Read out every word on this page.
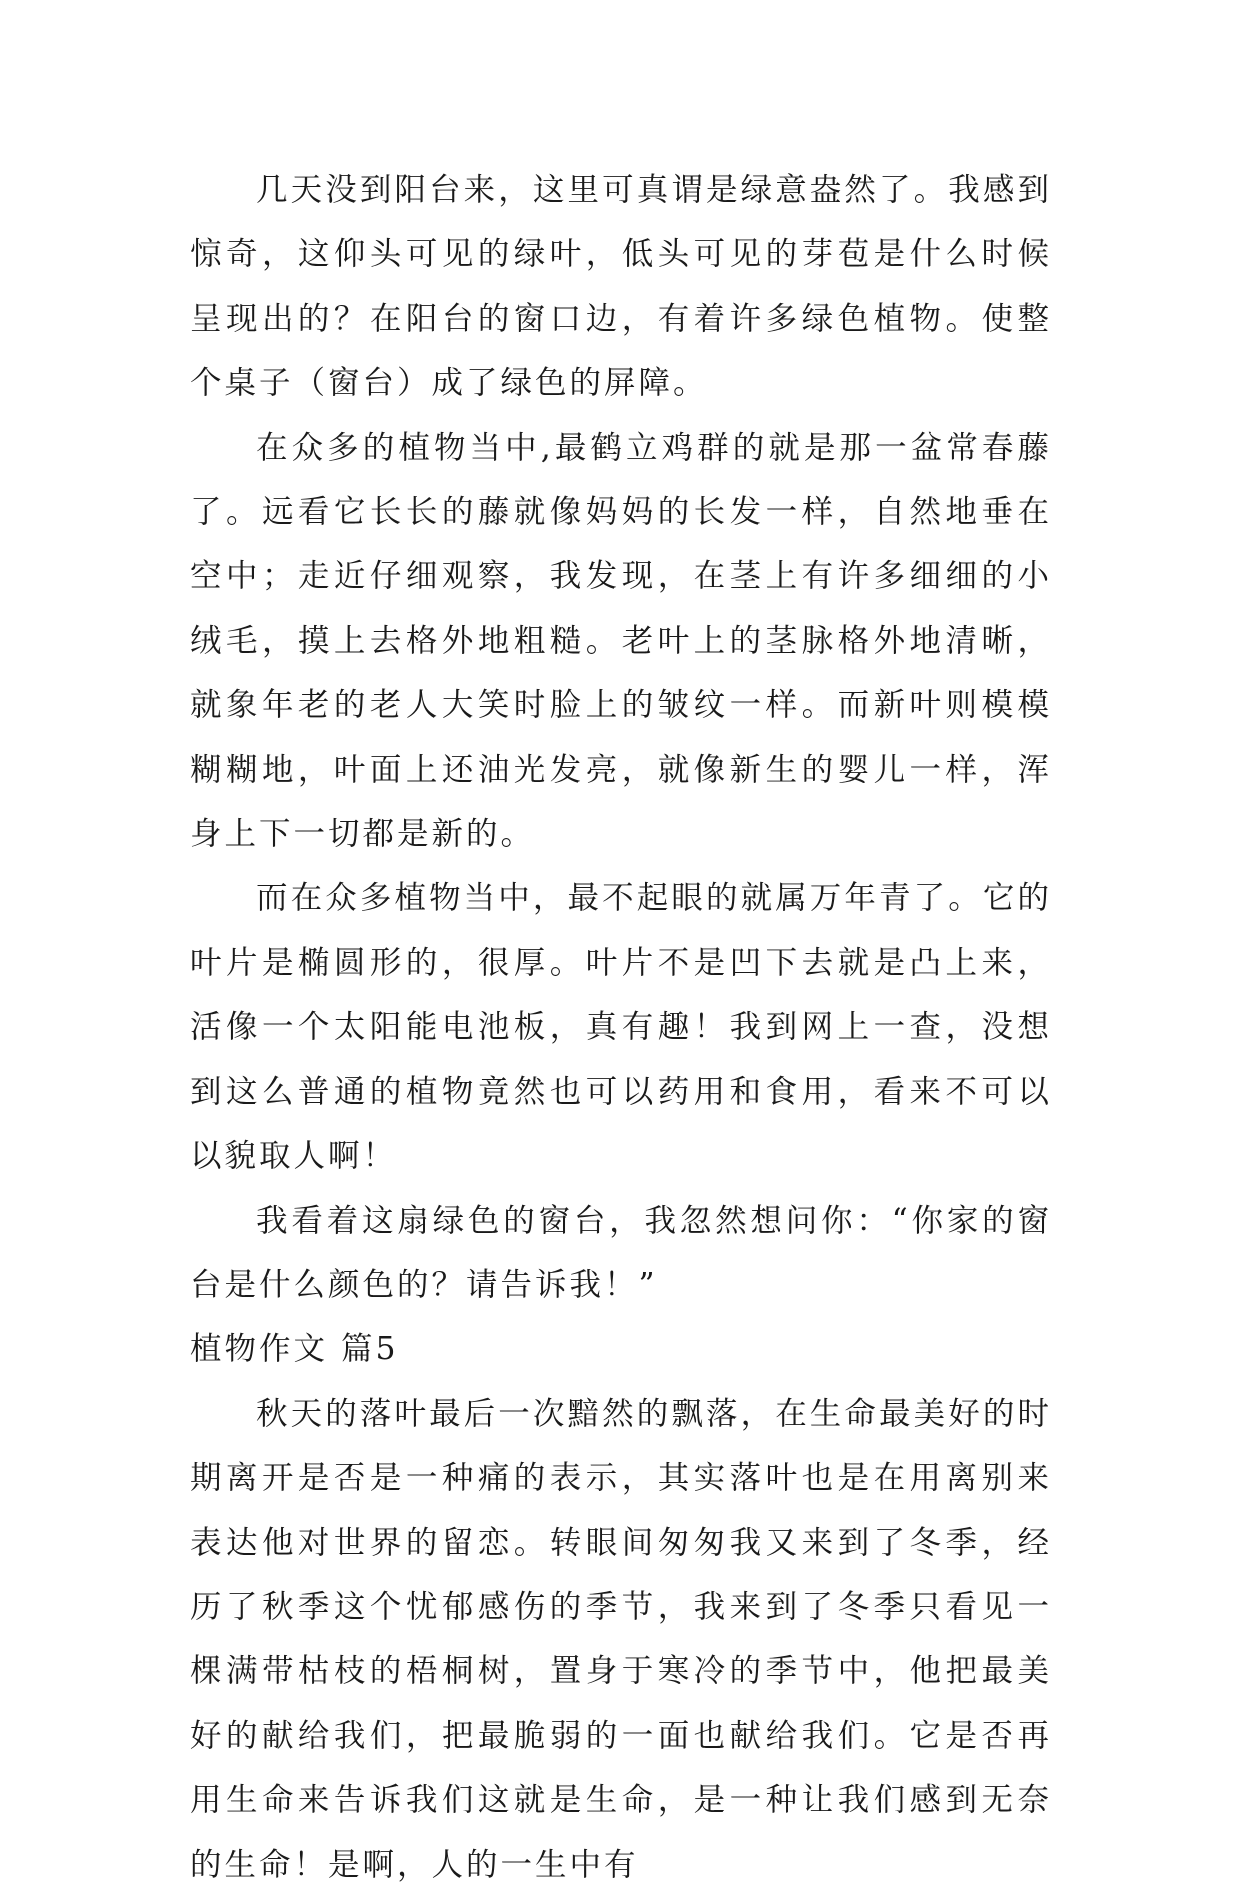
几天没到阳台来，这里可真谓是绿意盎然了。我感到惊奇，这仰头可见的绿叶，低头可见的芽苞是什么时候呈现出的？在阳台的窗口边，有着许多绿色植物。使整个桌子（窗台）成了绿色的屏障。

在众多的植物当中,最鹤立鸡群的就是那一盆常春藤了。远看它长长的藤就像妈妈的长发一样，自然地垂在空中；走近仔细观察，我发现，在茎上有许多细细的小绒毛，摸上去格外地粗糙。老叶上的茎脉格外地清晰，就象年老的老人大笑时脸上的皱纹一样。而新叶则模模糊糊地，叶面上还油光发亮，就像新生的婴儿一样，浑身上下一切都是新的。

而在众多植物当中，最不起眼的就属万年青了。它的叶片是椭圆形的，很厚。叶片不是凹下去就是凸上来，活像一个太阳能电池板，真有趣！我到网上一查，没想到这么普通的植物竟然也可以药用和食用，看来不可以以貌取人啊！

我看着这扇绿色的窗台，我忽然想问你：“你家的窗台是什么颜色的？请告诉我！”

植物作文 篇5

秋天的落叶最后一次黯然的飘落，在生命最美好的时期离开是否是一种痛的表示，其实落叶也是在用离别来表达他对世界的留恋。转眼间匆匆我又来到了冬季，经历了秋季这个忧郁感伤的季节，我来到了冬季只看见一棵满带枯枝的梧桐树，置身于寒冷的季节中，他把最美好的献给我们，把最脆弱的一面也献给我们。它是否再用生命来告诉我们这就是生命，是一种让我们感到无奈的生命！是啊，人的一生中有
